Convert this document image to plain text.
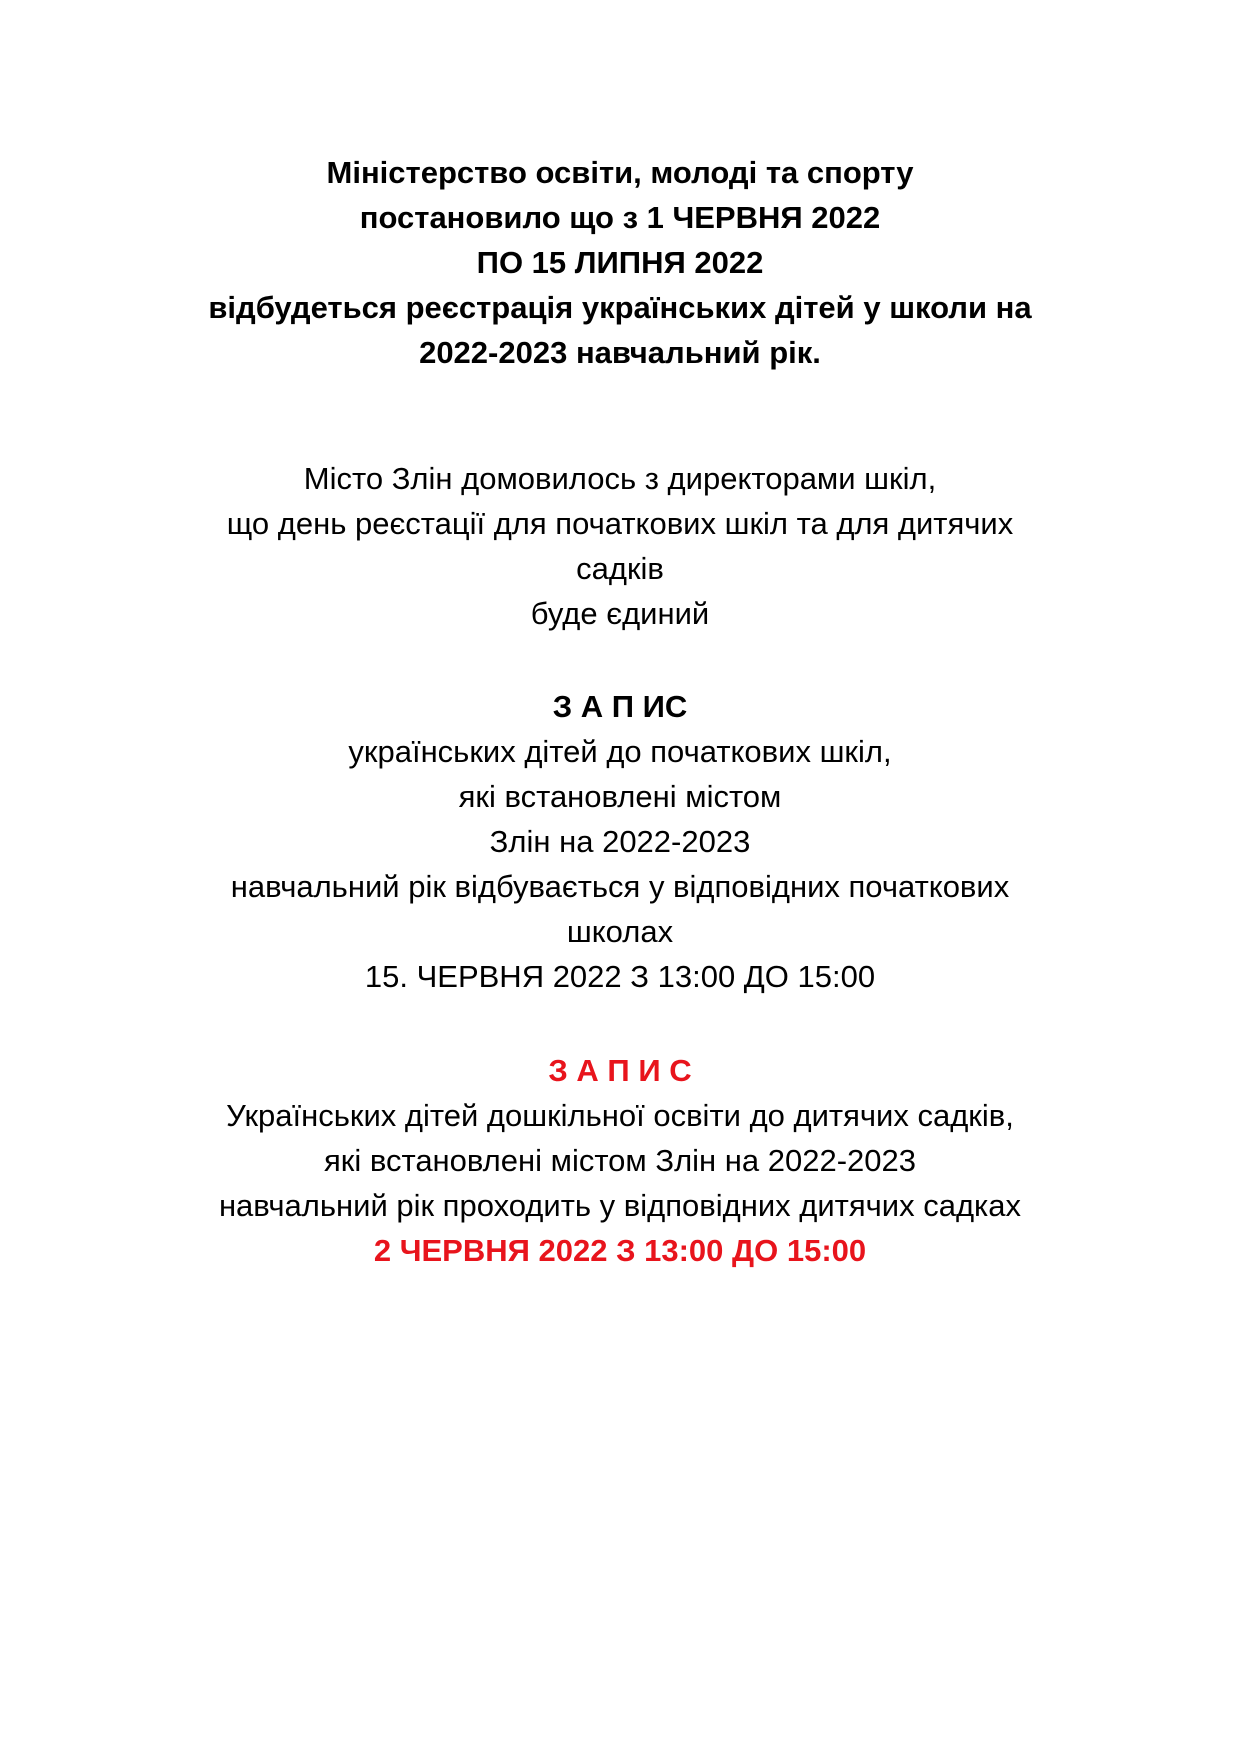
Міністерство освіти, молоді та спорту
постановило що з 1 ЧЕРВНЯ 2022
ПО 15 ЛИПНЯ 2022
відбудеться реєстрація українських дітей у школи на
2022-2023 навчальний рік.
Місто Злін домовилось з директорами шкіл,
що день реєстації для початкових шкіл та для дитячих
садків
буде єдиний
З А П ИС
українських дітей до початкових шкіл,
які встановлені містом
Злін на 2022-2023
навчальний рік відбувається у відповідних початкових
школах
15. ЧЕРВНЯ 2022 З 13:00 ДО 15:00
З А П И С
Українських дітей дошкільної освіти до дитячих садків,
які встановлені містом Злін на 2022-2023
навчальний рік проходить у відповідних дитячих садках
2 ЧЕРВНЯ 2022 З 13:00 ДО 15:00
